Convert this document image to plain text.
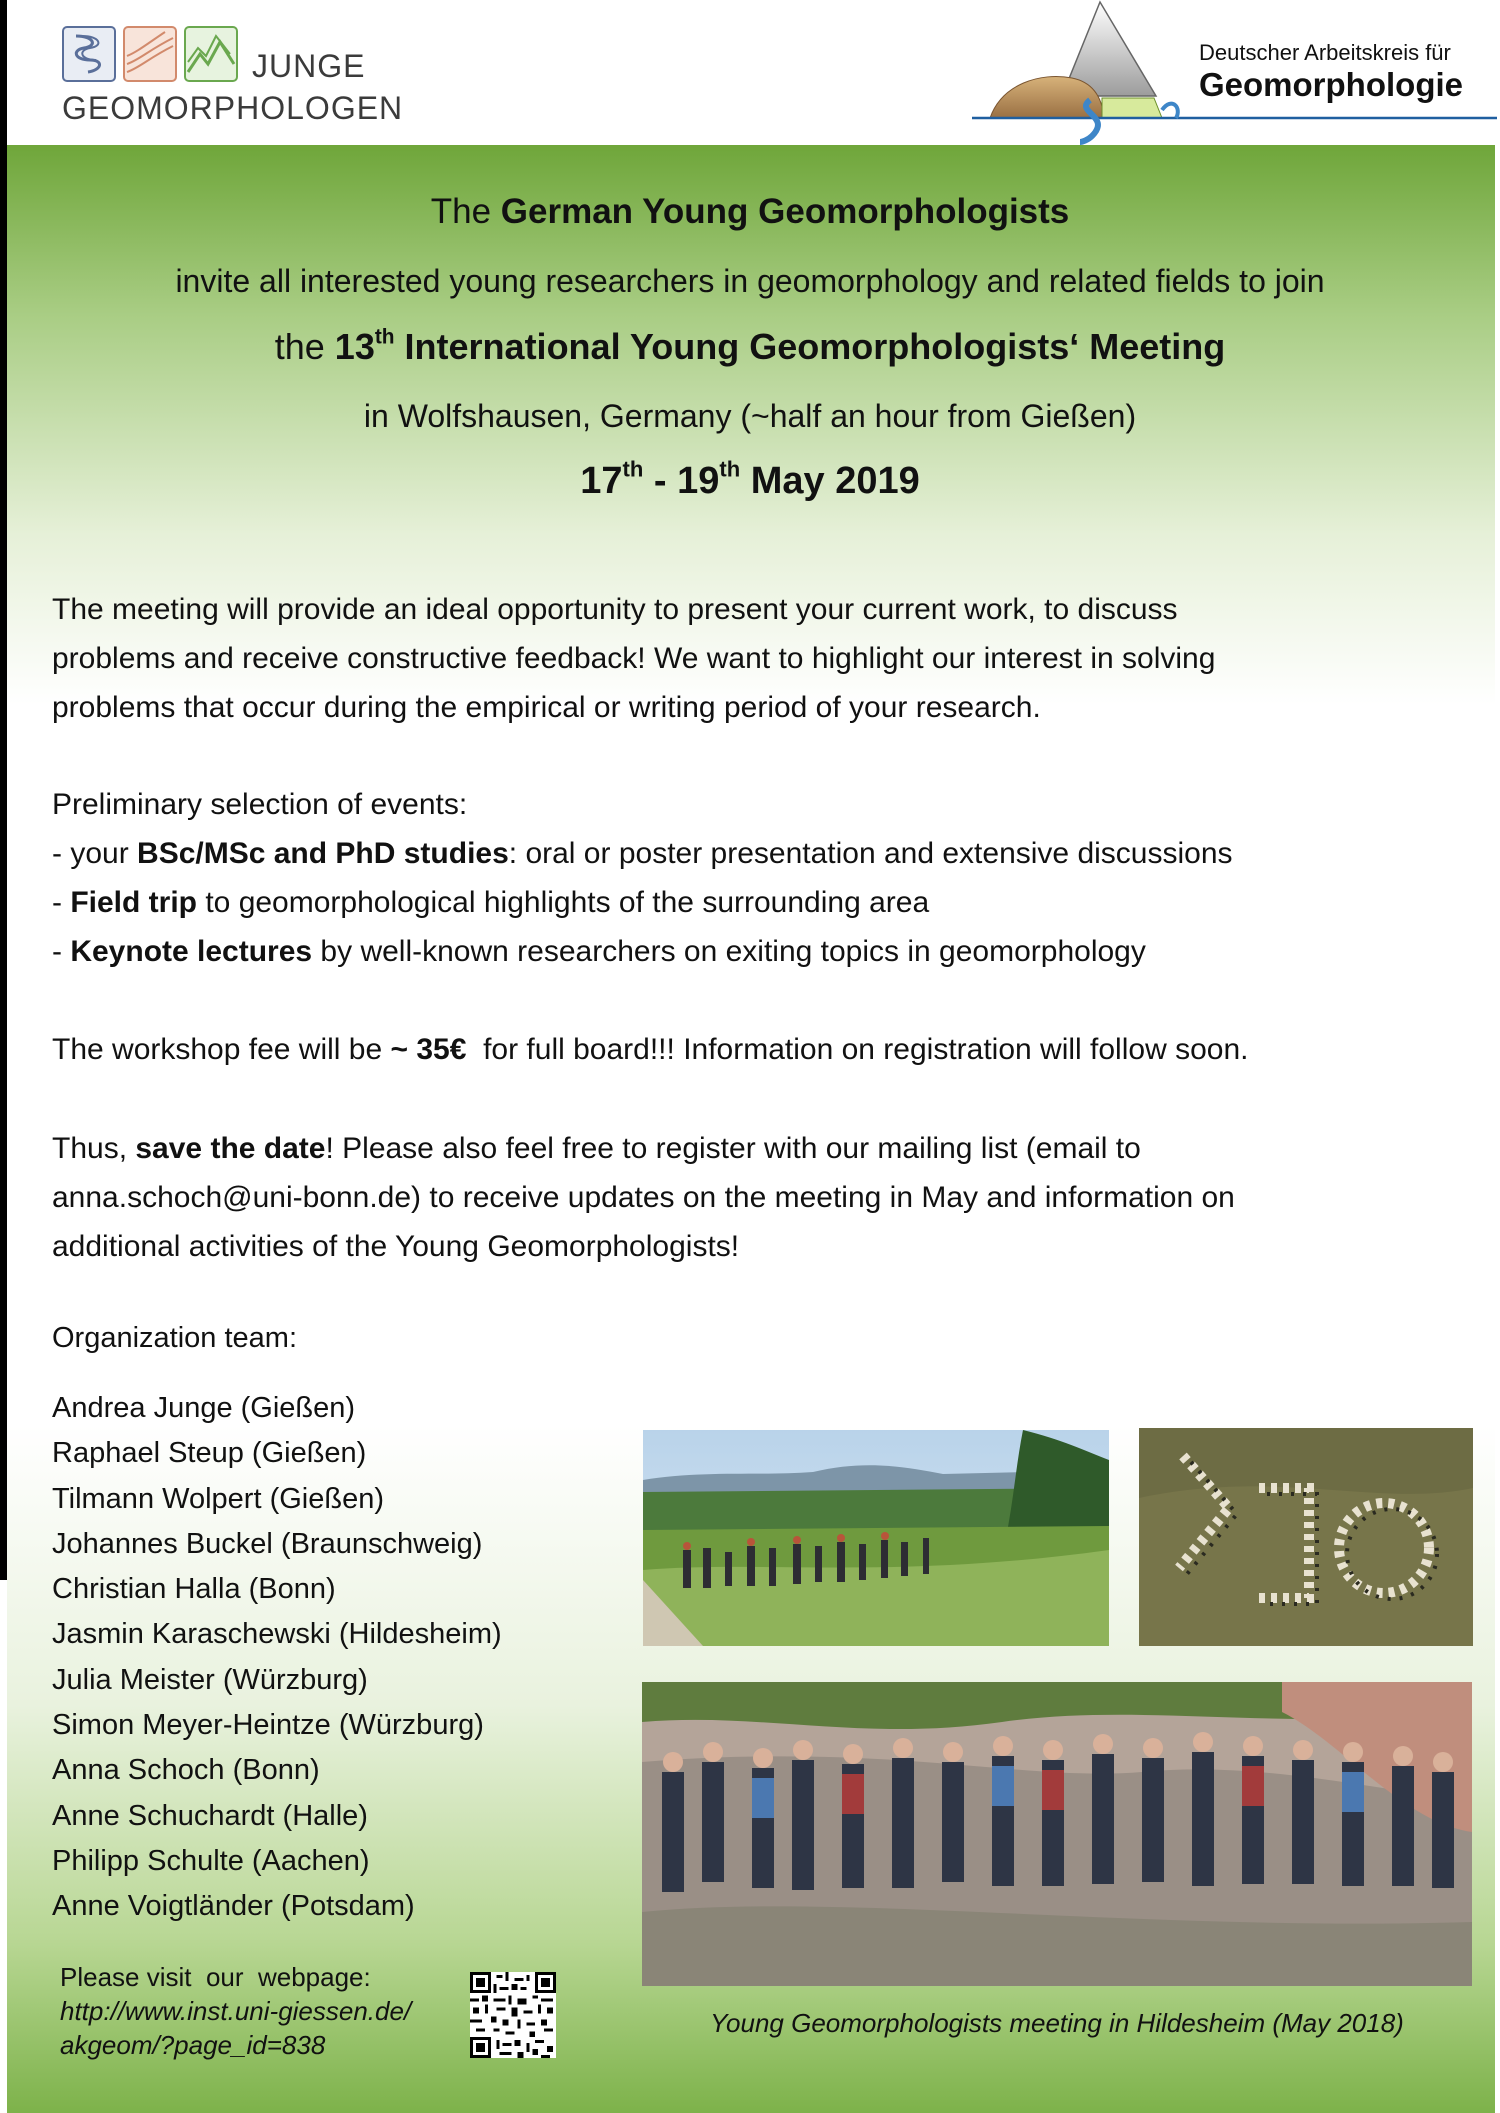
JUNGE
GEOMORPHOLOGEN
Deutscher Arbeitskreis für
Geomorphologie
The German Young Geomorphologists
invite all interested young researchers in geomorphology and related fields to join
the 13th International Young Geomorphologists‘ Meeting
in Wolfshausen, Germany (~half an hour from Gießen)
17th - 19th May 2019
The meeting will provide an ideal opportunity to present your current work, to discuss
problems and receive constructive feedback! We want to highlight our interest in solving
problems that occur during the empirical or writing period of your research.
Preliminary selection of events:
- your BSc/MSc and PhD studies: oral or poster presentation and extensive discussions
- Field trip to geomorphological highlights of the surrounding area
- Keynote lectures by well-known researchers on exiting topics in geomorphology
The workshop fee will be ~ 35€  for full board!!! Information on registration will follow soon.
Thus, save the date! Please also feel free to register with our mailing list (email to
anna.schoch@uni-bonn.de) to receive updates on the meeting in May and information on
additional activities of the Young Geomorphologists!
Organization team:
Andrea Junge (Gießen)
Raphael Steup (Gießen)
Tilmann Wolpert (Gießen)
Johannes Buckel (Braunschweig)
Christian Halla (Bonn)
Jasmin Karaschewski (Hildesheim)
Julia Meister (Würzburg)
Simon Meyer-Heintze (Würzburg)
Anna Schoch (Bonn)
Anne Schuchardt (Halle)
Philipp Schulte (Aachen)
Anne Voigtländer (Potsdam)
Young Geomorphologists meeting in Hildesheim (May 2018)
Please visit  our  webpage:
http://www.inst.uni-giessen.de/
akgeom/?page_id=838
